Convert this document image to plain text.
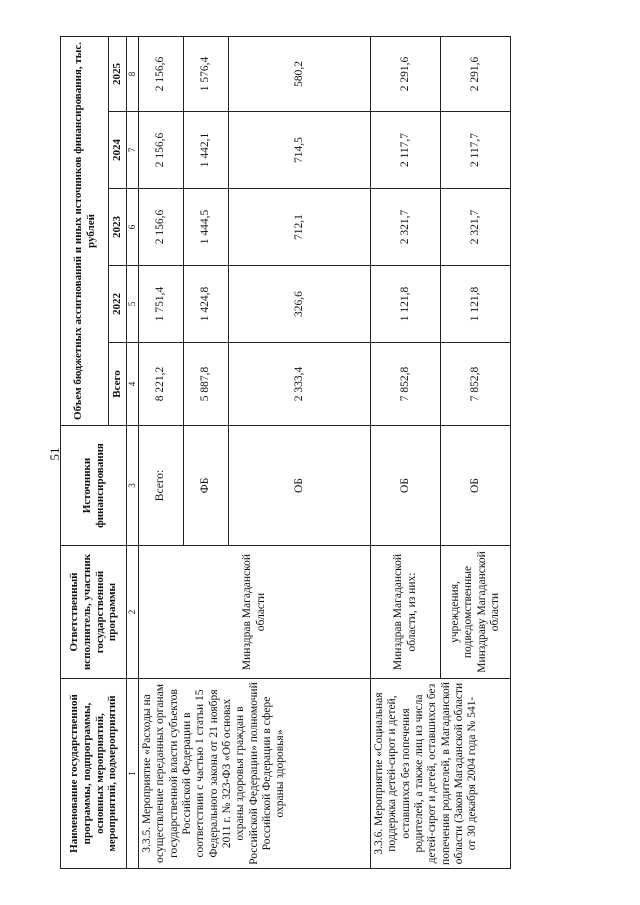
51
Наименование государственной программы, подпрограммы, основных мероприятий, мероприятий, подмероприятий	Ответственный исполнитель, участник государственной программы	Источники финансирования	Объем бюджетных ассигнований и иных источников финансирования, тыс. рублей				
			Всего	2022	2023	2024	2025
1	2	3	4	5	6	7	8
3.3.5. Мероприятие «Расходы на осуществление переданных органам государственной власти субъектов Российской Федерации в соответствии с частью 1 статьи 15 Федерального закона от 21 ноября 2011 г. № 323-ФЗ «Об основах охраны здоровья граждан в Российской Федерации» полномочий Российской Федерации в сфере охраны здоровья»	Минздрав Магаданской области	Всего:	8 221,2	1 751,4	2 156,6	2 156,6	2 156,6
		ФБ	5 887,8	1 424,8	1 444,5	1 442,1	1 576,4
		ОБ	2 333,4	326,6	712,1	714,5	580,2
3.3.6. Мероприятие «Социальная поддержка детей-сирот и детей, оставшихся без попечения родителей, а также лиц из числа детей-сирот и детей, оставшихся без попечения родителей, в Магаданской области (Закон Магаданской области от 30 декабря 2004 года № 541-	Минздрав Магаданской области, из них:	ОБ	7 852,8	1 121,8	2 321,7	2 117,7	2 291,6
	учреждения, подведомственные Минздраву Магаданской области	ОБ	7 852,8	1 121,8	2 321,7	2 117,7	2 291,6
